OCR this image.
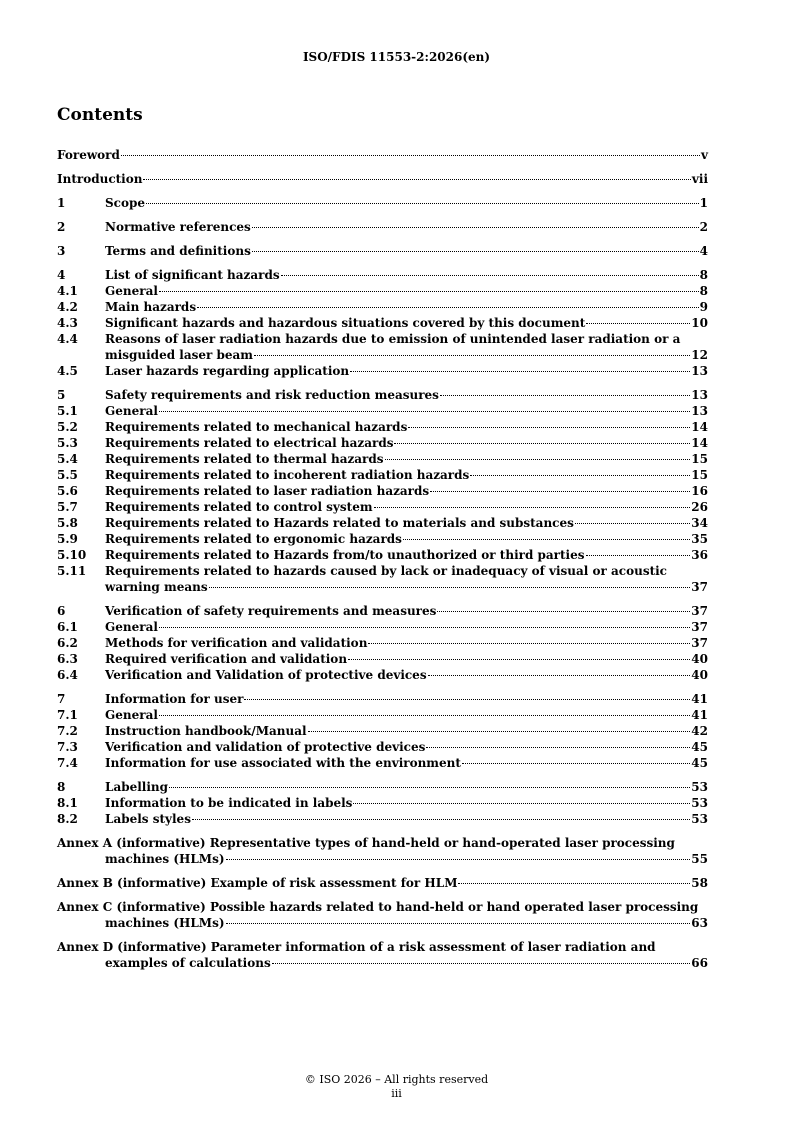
ISO/FDIS 11553-2:2026(en)
Contents
Foreword	v
Introduction	vii
1	Scope	1
2	Normative references	2
3	Terms and definitions	4
4	List of significant hazards	8
4.1	General	8
4.2	Main hazards	9
4.3	Significant hazards and hazardous situations covered by this document	10
4.4	Reasons of laser radiation hazards due to emission of unintended laser radiation or a
misguided laser beam	12
4.5	Laser hazards regarding application	13
5	Safety requirements and risk reduction measures	13
5.1	General	13
5.2	Requirements related to mechanical hazards	14
5.3	Requirements related to electrical hazards	14
5.4	Requirements related to thermal hazards	15
5.5	Requirements related to incoherent radiation hazards	15
5.6	Requirements related to laser radiation hazards	16
5.7	Requirements related to control system	26
5.8	Requirements related to Hazards related to materials and substances	34
5.9	Requirements related to ergonomic hazards	35
5.10	Requirements related to Hazards from/to unauthorized or third parties	36
5.11	Requirements related to hazards caused by lack or inadequacy of visual or acoustic
warning means	37
6	Verification of safety requirements and measures	37
6.1	General	37
6.2	Methods for verification and validation	37
6.3	Required verification and validation	40
6.4	Verification and Validation of protective devices	40
7	Information for user	41
7.1	General	41
7.2	Instruction handbook/Manual	42
7.3	Verification and validation of protective devices	45
7.4	Information for use associated with the environment	45
8	Labelling	53
8.1	Information to be indicated in labels	53
8.2	Labels styles	53
Annex A (informative) Representative types of hand-held or hand-operated laser processing
machines (HLMs)	55
Annex B (informative) Example of risk assessment for HLM	58
Annex C (informative) Possible hazards related to hand-held or hand operated laser processing
machines (HLMs)	63
Annex D (informative) Parameter information of a risk assessment of laser radiation and
examples of calculations	66
© ISO 2026 – All rights reserved
iii
